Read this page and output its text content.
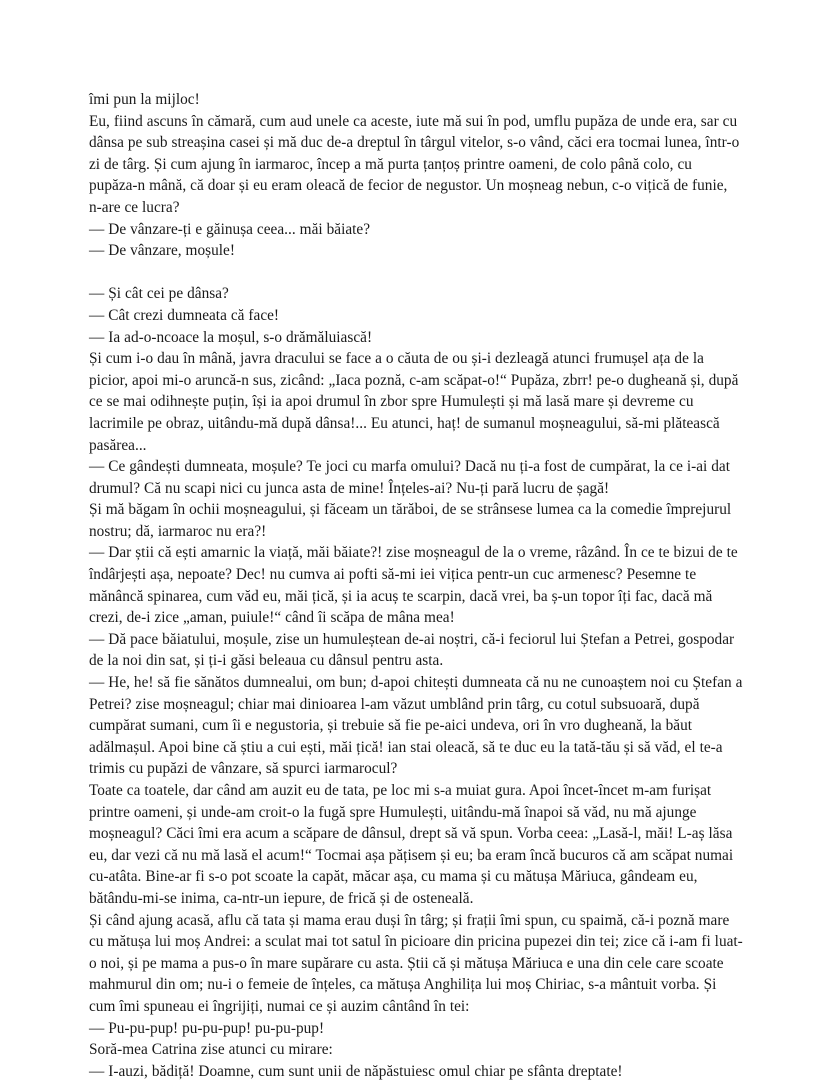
îmi pun la mijloc!

Eu, fiind ascuns în cămară, cum aud unele ca aceste, iute mă sui în pod, umflu pupăza de unde era, sar cu dânsa pe sub streașina casei și mă duc de-a dreptul în târgul vitelor, s-o vând, căci era tocmai lunea, într-o zi de târg. Și cum ajung în iarmaroc, încep a mă purta țanțoș printre oameni, de colo până colo, cu pupăza-n mână, că doar și eu eram oleacă de fecior de negustor. Un moșneag nebun, c-o vițică de funie, n-are ce lucra?

— De vânzare-ți e găinușa ceea... măi băiate?

— De vânzare, moșule!

— Și cât cei pe dânsa?

— Cât crezi dumneata că face!

— Ia ad-o-ncoace la moșul, s-o drămăluiască!

Și cum i-o dau în mână, javra dracului se face a o căuta de ou și-i dezleagă atunci frumușel ața de la picior, apoi mi-o aruncă-n sus, zicând: „Iaca poznă, c-am scăpat-o!“ Pupăza, zbrr! pe-o dugheană și, după ce se mai odihnește puțin, își ia apoi drumul în zbor spre Humulești și mă lasă mare și devreme cu lacrimile pe obraz, uitându-mă după dânsa!... Eu atunci, haț! de sumanul moșneagului, să-mi plătească pasărea...

— Ce gândești dumneata, moșule? Te joci cu marfa omului? Dacă nu ți-a fost de cumpărat, la ce i-ai dat drumul? Că nu scapi nici cu junca asta de mine! Înțeles-ai? Nu-ți pară lucru de șagă!

Și mă băgam în ochii moșneagului, și făceam un tărăboi, de se strânsese lumea ca la comedie împrejurul nostru; dă, iarmaroc nu era?!

— Dar știi că ești amarnic la viață, măi băiate?! zise moșneagul de la o vreme, râzând. În ce te bizui de te îndârjești așa, nepoate? Dec! nu cumva ai pofti să-mi iei vițica pentr-un cuc armenesc? Pesemne te mănâncă spinarea, cum văd eu, măi țică, și ia acuș te scarpin, dacă vrei, ba ș-un topor îți fac, dacă mă crezi, de-i zice „aman, puiule!“ când îi scăpa de mâna mea!

— Dă pace băiatului, moșule, zise un humuleștean de-ai noștri, că-i feciorul lui Ștefan a Petrei, gospodar de la noi din sat, și ți-i găsi beleaua cu dânsul pentru asta.

— He, he! să fie sănătos dumnealui, om bun; d-apoi chitești dumneata că nu ne cunoaștem noi cu Ștefan a Petrei? zise moșneagul; chiar mai dinioarea l-am văzut umblând prin târg, cu cotul subsuoară, după cumpărat sumani, cum îi e negustoria, și trebuie să fie pe-aici undeva, ori în vro dugheană, la băut adălmașul. Apoi bine că știu a cui ești, măi țică! ian stai oleacă, să te duc eu la tată-tău și să văd, el te-a trimis cu pupăzi de vânzare, să spurci iarmarocul?

Toate ca toatele, dar când am auzit eu de tata, pe loc mi s-a muiat gura. Apoi încet-încet m-am furișat printre oameni, și unde-am croit-o la fugă spre Humulești, uitându-mă înapoi să văd, nu mă ajunge moșneagul? Căci îmi era acum a scăpare de dânsul, drept să vă spun. Vorba ceea: „Lasă-l, măi! L-aș lăsa eu, dar vezi că nu mă lasă el acum!“ Tocmai așa pățisem și eu; ba eram încă bucuros că am scăpat numai cu-atâta. Bine-ar fi s-o pot scoate la capăt, măcar așa, cu mama și cu mătușa Măriuca, gândeam eu, bătându-mi-se inima, ca-ntr-un iepure, de frică și de osteneală.

Și când ajung acasă, aflu că tata și mama erau duși în târg; și frații îmi spun, cu spaimă, că-i poznă mare cu mătușa lui moș Andrei: a sculat mai tot satul în picioare din pricina pupezei din tei; zice că i-am fi luat-o noi, și pe mama a pus-o în mare supărare cu asta. Știi că și mătușa Măriuca e una din cele care scoate mahmurul din om; nu-i o femeie de înțeles, ca mătușa Anghilița lui moș Chiriac, s-a mântuit vorba. Și cum îmi spuneau ei îngrijiți, numai ce și auzim cântând în tei:

— Pu-pu-pup! pu-pu-pup! pu-pu-pup!

Soră-mea Catrina zise atunci cu mirare:

— I-auzi, bădiță! Doamne, cum sunt unii de năpăstuiesc omul chiar pe sfânta dreptate!
